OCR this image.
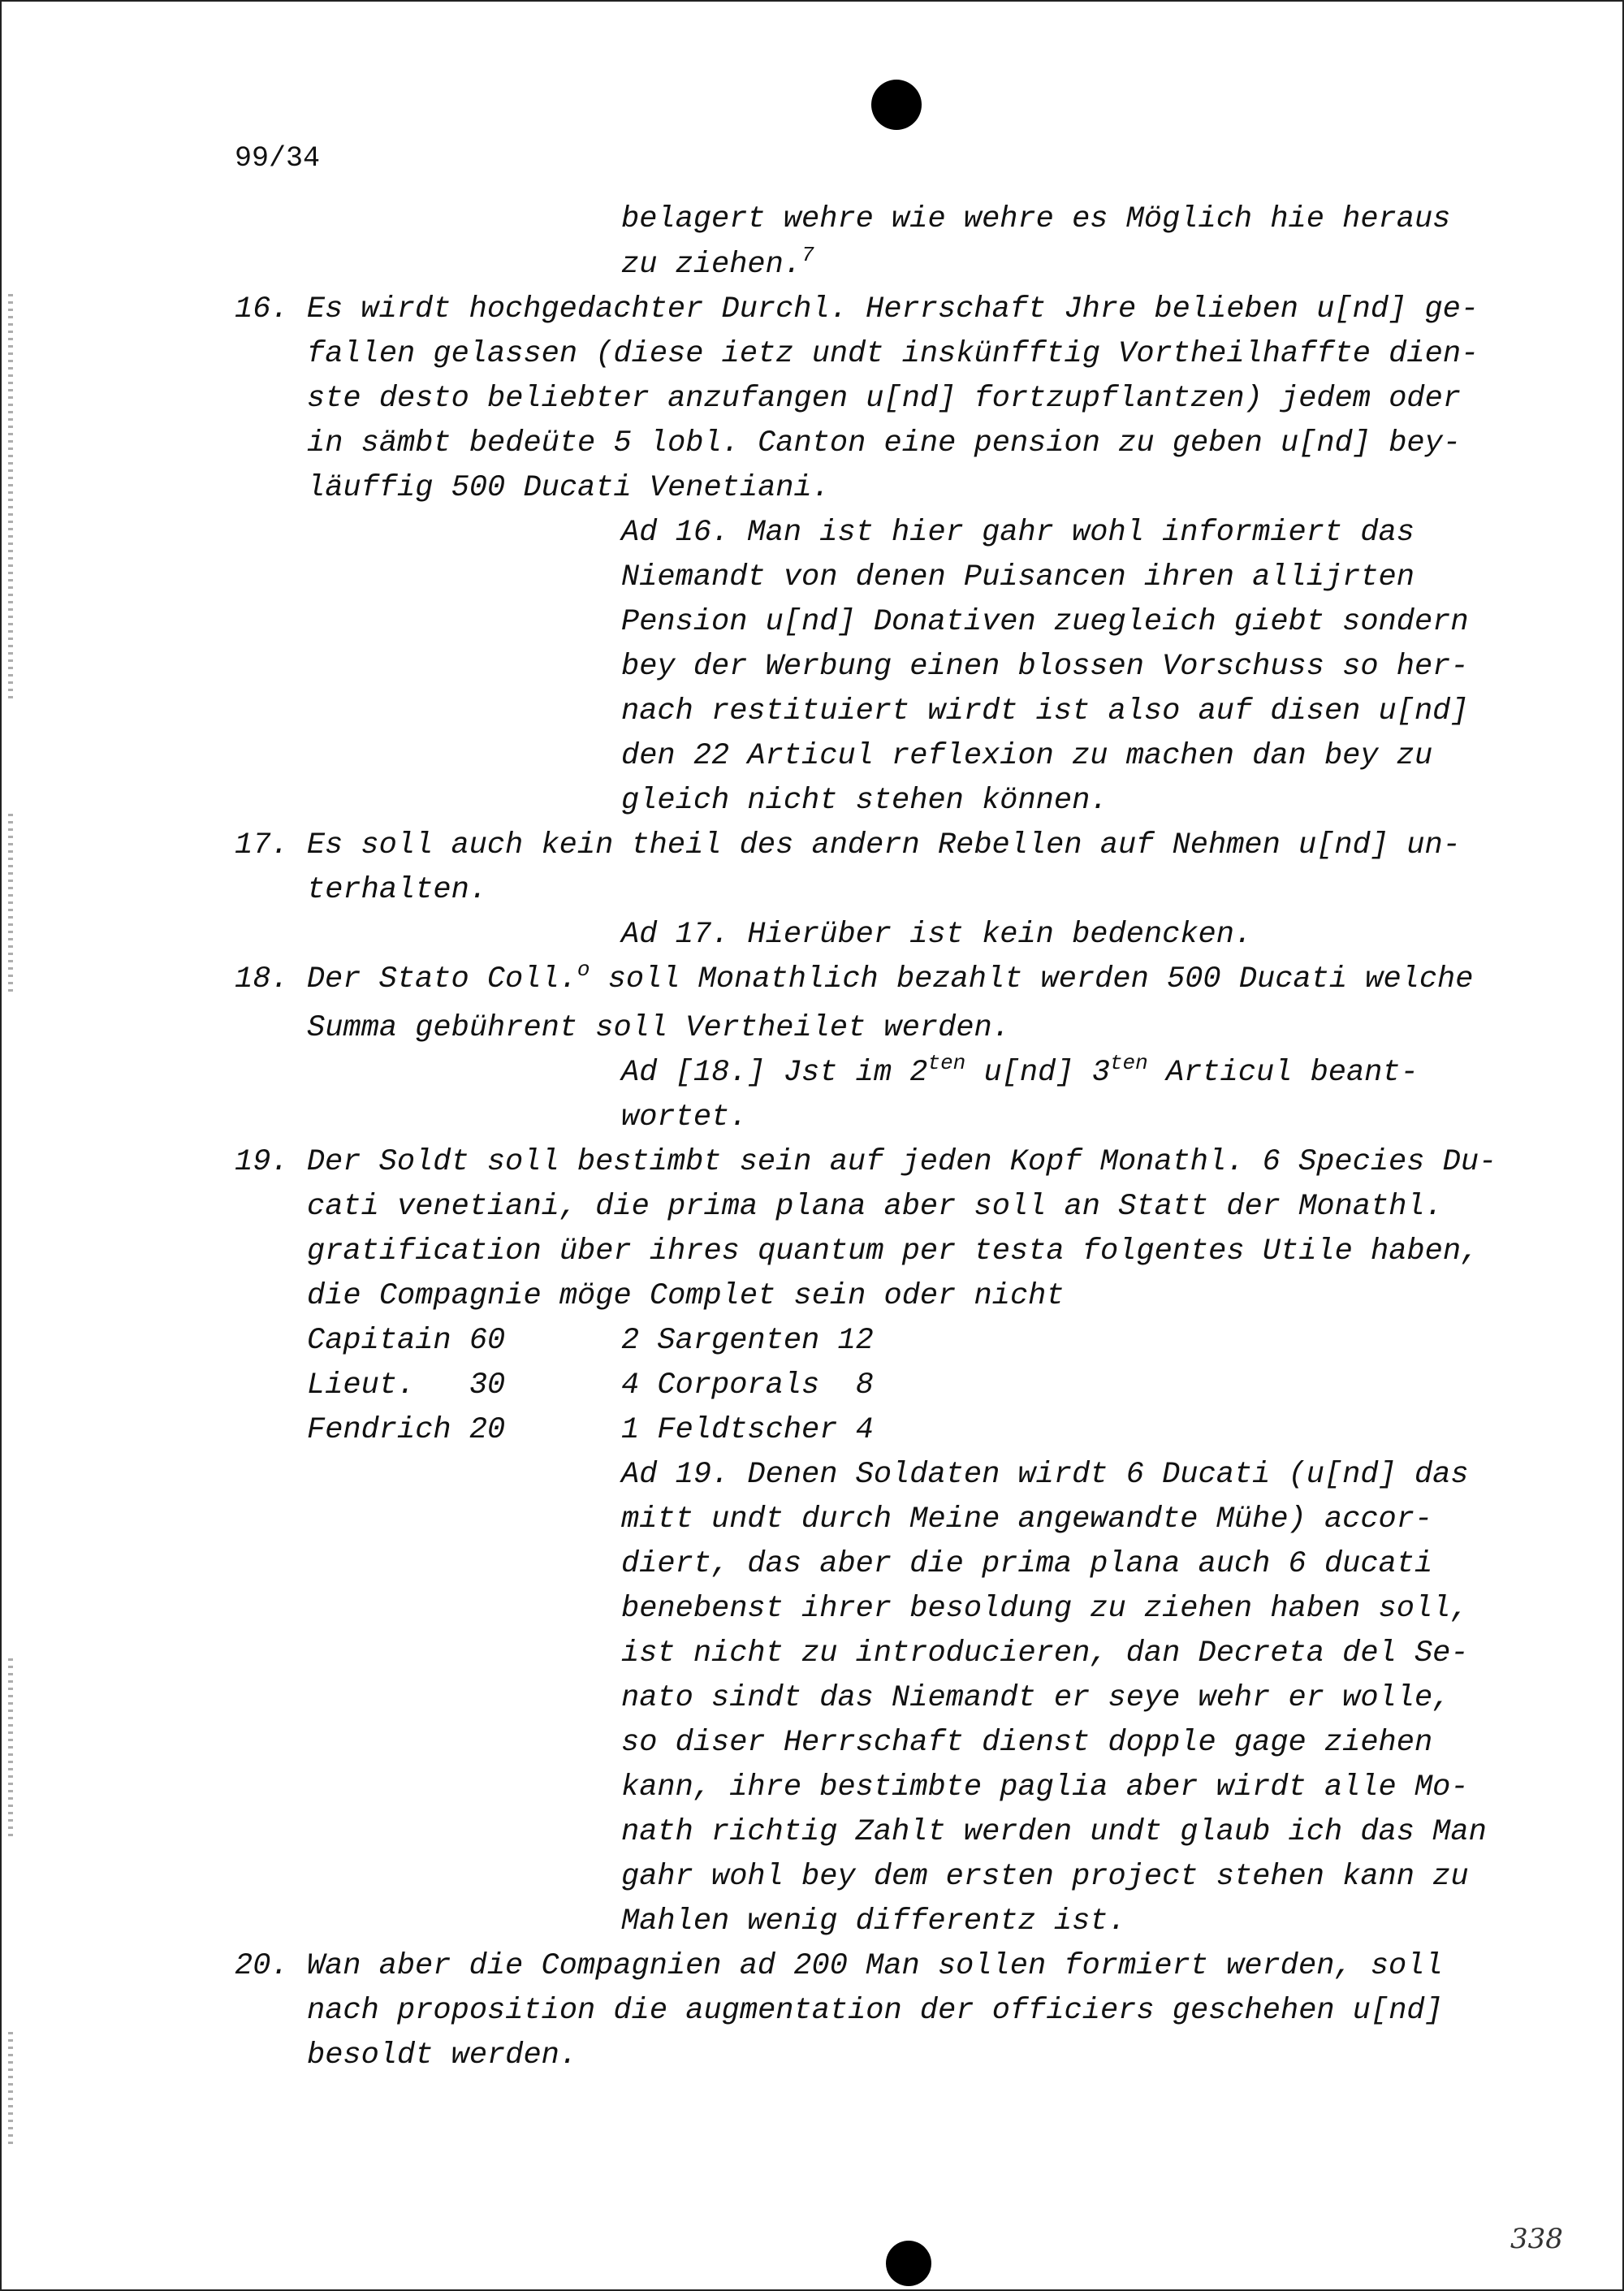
99/34
belagert wehre wie wehre es Möglich hie heraus
zu ziehen.$^7$
16. Es wirdt hochgedachter Durchl. Herrschaft Jhre belieben u[nd] ge-
fallen gelassen (diese ietz undt inskünfftig Vortheilhaffte dien-
ste desto beliebter anzufangen u[nd] fortzupflantzen) jedem oder
in sämbt bedeüte 5 lobl. Canton eine pension zu geben u[nd] bey-
läuffig 500 Ducati Venetiani.
Ad 16. Man ist hier gahr wohl informiert das
Niemandt von denen Puisancen ihren allijrten
Pension u[nd] Donativen zuegleich giebt sondern
bey der Werbung einen blossen Vorschuss so her-
nach restituiert wirdt ist also auf disen u[nd]
den 22 Articul reflexion zu machen dan bey zu
gleich nicht stehen können.
17. Es soll auch kein theil des andern Rebellen auf Nehmen u[nd] un-
terhalten.
Ad 17. Hierüber ist kein bedencken.
18. Der Stato Coll.$^o$ soll Monathlich bezahlt werden 500 Ducati welche
Summa gebührent soll Vertheilet werden.
Ad [18.] Jst im $2^{ten}$ u[nd] $3^{ten}$ Articul beant-
wortet.
19. Der Soldt soll bestimbt sein auf jeden Kopf Monathl. 6 Species Du-
cati venetiani, die prima plana aber soll an Statt der Monathl.
gratification über ihres quantum per testa folgentes Utile haben,
die Compagnie möge Complet sein oder nicht
Capitain 60	2 Sargenten 12
Lieut.   30	4 Corporals  8
Fendrich 20	1 Feldtscher 4
Ad 19. Denen Soldaten wirdt 6 Ducati (u[nd] das
mitt undt durch Meine angewandte Mühe) accor-
diert, das aber die prima plana auch 6 ducati
benebenst ihrer besoldung zu ziehen haben soll,
ist nicht zu introducieren, dan Decreta del Se-
nato sindt das Niemandt er seye wehr er wolle,
so diser Herrschaft dienst dopple gage ziehen
kann, ihre bestimbte paglia aber wirdt alle Mo-
nath richtig Zahlt werden undt glaub ich das Man
gahr wohl bey dem ersten project stehen kann zu
Mahlen wenig differentz ist.
20. Wan aber die Compagnien ad 200 Man sollen formiert werden, soll
nach proposition die augmentation der officiers geschehen u[nd]
besoldt werden.
338
